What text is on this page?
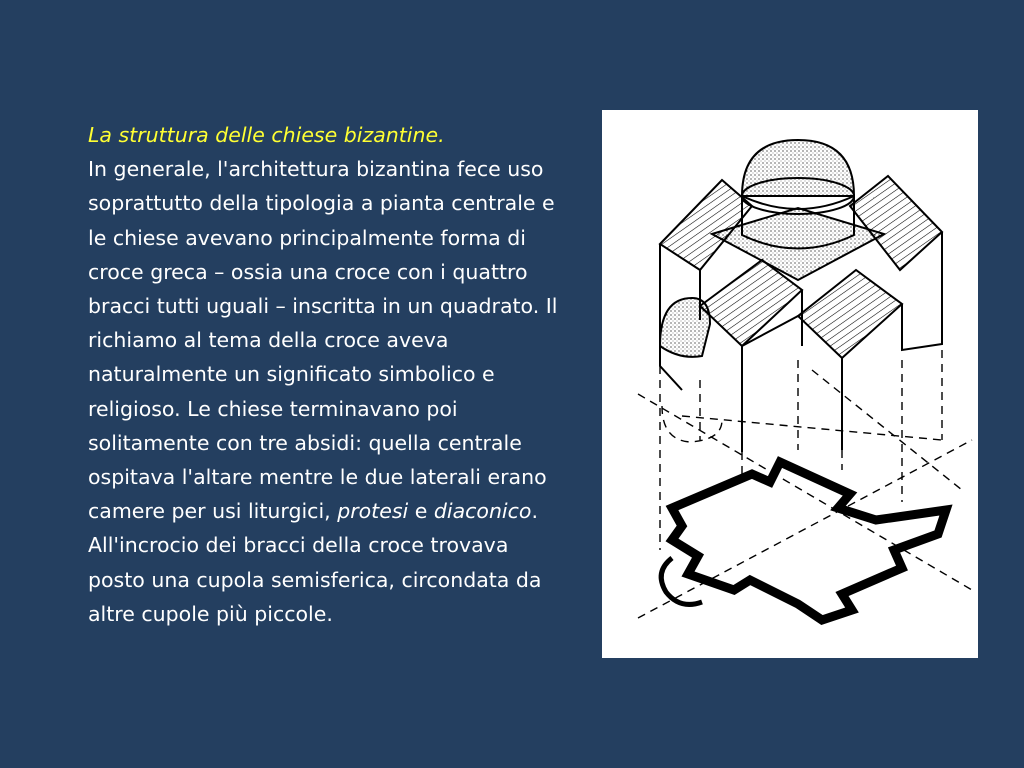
La struttura delle chiese bizantine.
In generale, l'architettura bizantina fece uso soprattutto della tipologia a pianta centrale e le chiese avevano principalmente forma di croce greca – ossia una croce con i quattro bracci tutti uguali – inscritta in un quadrato. Il richiamo al tema della croce aveva naturalmente un significato simbolico e religioso. Le chiese terminavano poi solitamente con tre absidi: quella centrale ospitava l'altare mentre le due laterali erano camere per usi liturgici, protesi e diaconico. All'incrocio dei bracci della croce trovava posto una cupola semisferica, circondata da altre cupole più piccole.
